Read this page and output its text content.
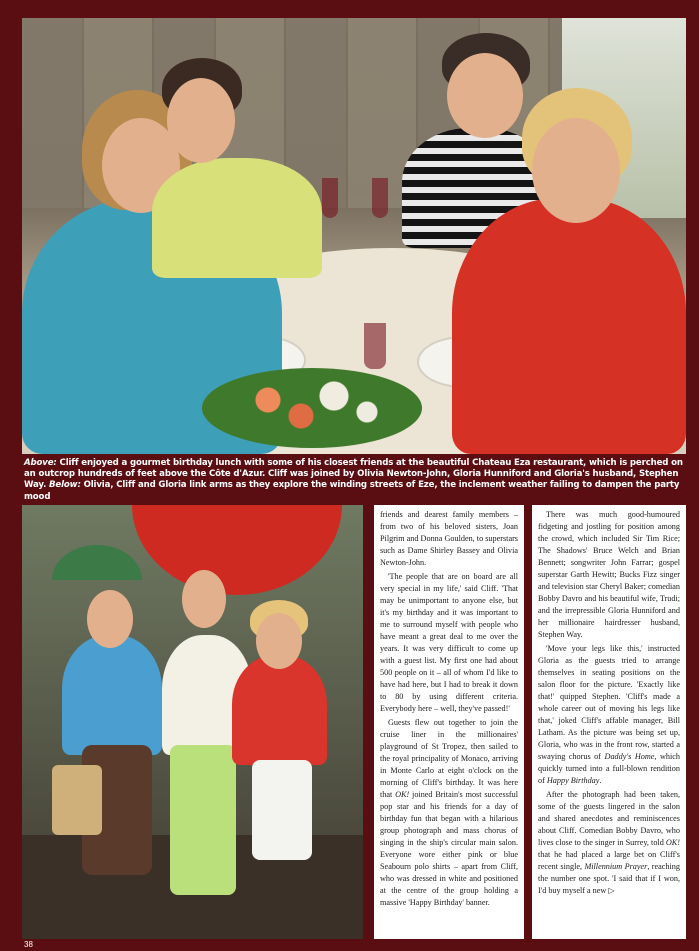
Above: Cliff enjoyed a gourmet birthday lunch with some of his closest friends at the beautiful Chateau Eza restaurant, which is perched on an outcrop hundreds of feet above the Côte d'Azur. Cliff was joined by Olivia Newton-John, Gloria Hunniford and Gloria's husband, Stephen Way. Below: Olivia, Cliff and Gloria link arms as they explore the winding streets of Eze, the inclement weather failing to dampen the party mood

friends and dearest family members – from two of his beloved sisters, Joan Pilgrim and Donna Goulden, to superstars such as Dame Shirley Bassey and Olivia Newton-John.

'The people that are on board are all very special in my life,' said Cliff. 'That may be unimportant to anyone else, but it's my birthday and it was important to me to surround myself with people who have meant a great deal to me over the years. It was very difficult to come up with a guest list. My first one had about 500 people on it – all of whom I'd like to have had here, but I had to break it down to 80 by using different criteria. Everybody here – well, they've passed!'

Guests flew out together to join the cruise liner in the millionaires' playground of St Tropez, then sailed to the royal principality of Monaco, arriving in Monte Carlo at eight o'clock on the morning of Cliff's birthday. It was here that OK! joined Britain's most successful pop star and his friends for a day of birthday fun that began with a hilarious group photograph and mass chorus of singing in the ship's circular main salon. Everyone wore either pink or blue Seabourn polo shirts – apart from Cliff, who was dressed in white and positioned at the centre of the group holding a massive 'Happy Birthday' banner.

There was much good-humoured fidgeting and jostling for position among the crowd, which included Sir Tim Rice; The Shadows' Bruce Welch and Brian Bennett; songwriter John Farrar; gospel superstar Garth Hewitt; Bucks Fizz singer and television star Cheryl Baker; comedian Bobby Davro and his beautiful wife, Trudi; and the irrepressible Gloria Hunniford and her millionaire hairdresser husband, Stephen Way.

'Move your legs like this,' instructed Gloria as the guests tried to arrange themselves in seating positions on the salon floor for the picture. 'Exactly like that!' quipped Stephen. 'Cliff's made a whole career out of moving his legs like that,' joked Cliff's affable manager, Bill Latham. As the picture was being set up, Gloria, who was in the front row, started a swaying chorus of Daddy's Home, which quickly turned into a full-blown rendition of Happy Birthday.

After the photograph had been taken, some of the guests lingered in the salon and shared anecdotes and reminiscences about Cliff. Comedian Bobby Davro, who lives close to the singer in Surrey, told OK! that he had placed a large bet on Cliff's recent single, Millennium Prayer, reaching the number one spot. 'I said that if I won, I'd buy myself a new ▷

38
